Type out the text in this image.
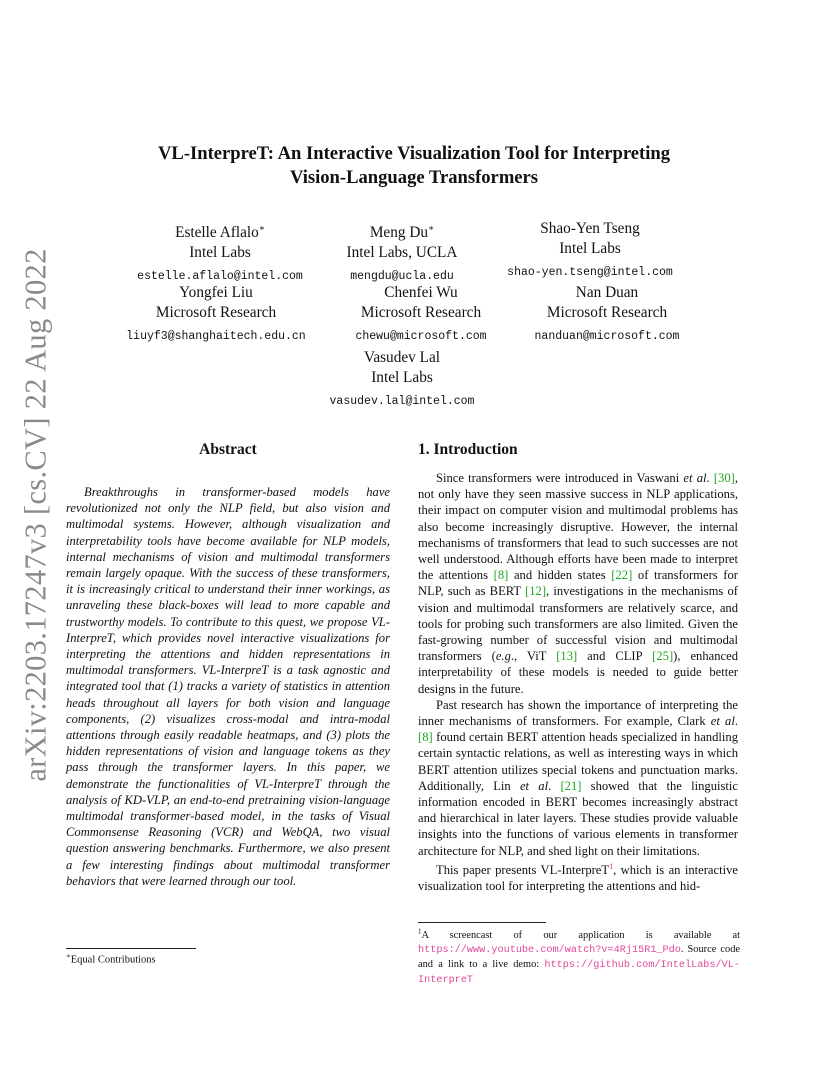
arXiv:2203.17247v3 [cs.CV] 22 Aug 2022
VL-InterpreT: An Interactive Visualization Tool for Interpreting
Vision-Language Transformers
Estelle Aflalo∗
Intel Labs
estelle.aflalo@intel.com
Meng Du∗
Intel Labs, UCLA
mengdu@ucla.edu
Shao-Yen Tseng
Intel Labs
shao-yen.tseng@intel.com
Yongfei Liu
Microsoft Research
liuyf3@shanghaitech.edu.cn
Chenfei Wu
Microsoft Research
chewu@microsoft.com
Nan Duan
Microsoft Research
nanduan@microsoft.com
Vasudev Lal
Intel Labs
vasudev.lal@intel.com
Abstract

Breakthroughs in transformer-based models have revolutionized not only the NLP field, but also vision and multimodal systems. However, although visualization and interpretability tools have become available for NLP models, internal mechanisms of vision and multimodal transformers remain largely opaque. With the success of these transformers, it is increasingly critical to understand their inner workings, as unraveling these black-boxes will lead to more capable and trustworthy models. To contribute to this quest, we propose VL-InterpreT, which provides novel interactive visualizations for interpreting the attentions and hidden representations in multimodal transformers. VL-InterpreT is a task agnostic and integrated tool that (1) tracks a variety of statistics in attention heads throughout all layers for both vision and language components, (2) visualizes cross-modal and intra-modal attentions through easily readable heatmaps, and (3) plots the hidden representations of vision and language tokens as they pass through the transformer layers. In this paper, we demonstrate the functionalities of VL-InterpreT through the analysis of KD-VLP, an end-to-end pretraining vision-language multimodal transformer-based model, in the tasks of Visual Commonsense Reasoning (VCR) and WebQA, two visual question answering benchmarks. Furthermore, we also present a few interesting findings about multimodal transformer behaviors that were learned through our tool.

∗Equal Contributions
1. Introduction

Since transformers were introduced in Vaswani et al. [30], not only have they seen massive success in NLP applications, their impact on computer vision and multimodal problems has also become increasingly disruptive. However, the internal mechanisms of transformers that lead to such successes are not well understood. Although efforts have been made to interpret the attentions [8] and hidden states [22] of transformers for NLP, such as BERT [12], investigations in the mechanisms of vision and multimodal transformers are relatively scarce, and tools for probing such transformers are also limited. Given the fast-growing number of successful vision and multimodal transformers (e.g., ViT [13] and CLIP [25]), enhanced interpretability of these models is needed to guide better designs in the future.

Past research has shown the importance of interpreting the inner mechanisms of transformers. For example, Clark et al. [8] found certain BERT attention heads specialized in handling certain syntactic relations, as well as interesting ways in which BERT attention utilizes special tokens and punctuation marks. Additionally, Lin et al. [21] showed that the linguistic information encoded in BERT becomes increasingly abstract and hierarchical in later layers. These studies provide valuable insights into the functions of various elements in transformer architecture for NLP, and shed light on their limitations.

This paper presents VL-InterpreT$^1$, which is an interactive visualization tool for interpreting the attentions and hid-

$^1$A screencast of our application is available at https://www.youtube.com/watch?v=4Rj15R1_Pdo. Source code and a link to a live demo: https://github.com/IntelLabs/VL-InterpreT
